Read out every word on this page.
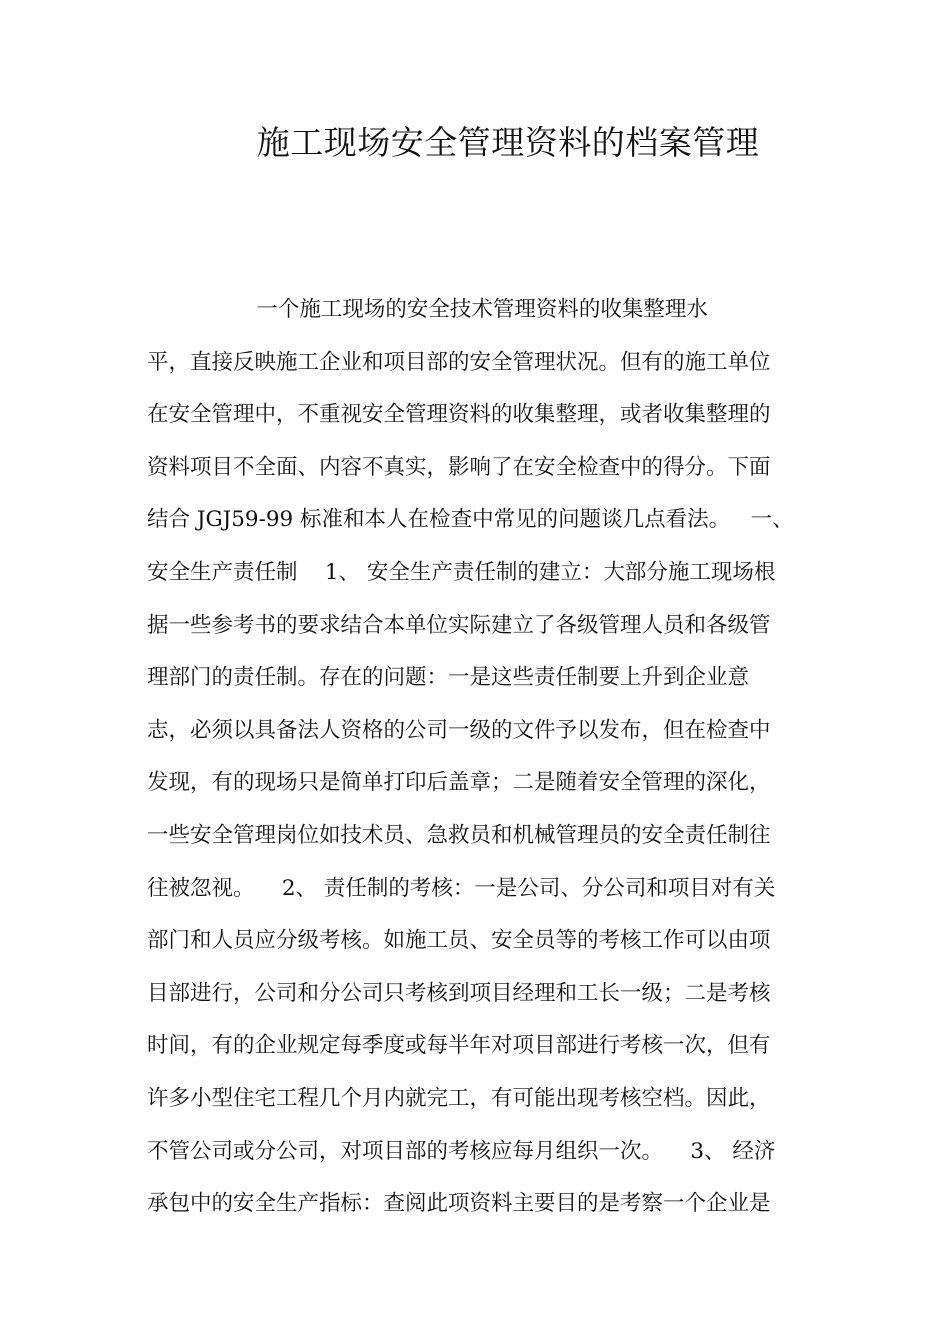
施工现场安全管理资料的档案管理
一个施工现场的安全技术管理资料的收集整理水
平，直接反映施工企业和项目部的安全管理状况。但有的施工单位
在安全管理中，不重视安全管理资料的收集整理，或者收集整理的
资料项目不全面、内容不真实，影响了在安全检查中的得分。下面
结合 JGJ59-99 标准和本人在检查中常见的问题谈几点看法。   一、
安全生产责任制    1、 安全生产责任制的建立：大部分施工现场根
据一些参考书的要求结合本单位实际建立了各级管理人员和各级管
理部门的责任制。存在的问题：一是这些责任制要上升到企业意
志，必须以具备法人资格的公司一级的文件予以发布，但在检查中
发现，有的现场只是简单打印后盖章；二是随着安全管理的深化，
一些安全管理岗位如技术员、急救员和机械管理员的安全责任制往
往被忽视。    2、 责任制的考核：一是公司、分公司和项目对有关
部门和人员应分级考核。如施工员、安全员等的考核工作可以由项
目部进行，公司和分公司只考核到项目经理和工长一级；二是考核
时间，有的企业规定每季度或每半年对项目部进行考核一次，但有
许多小型住宅工程几个月内就完工，有可能出现考核空档。因此，
不管公司或分公司，对项目部的考核应每月组织一次。    3、 经济
承包中的安全生产指标：查阅此项资料主要目的是考察一个企业是
